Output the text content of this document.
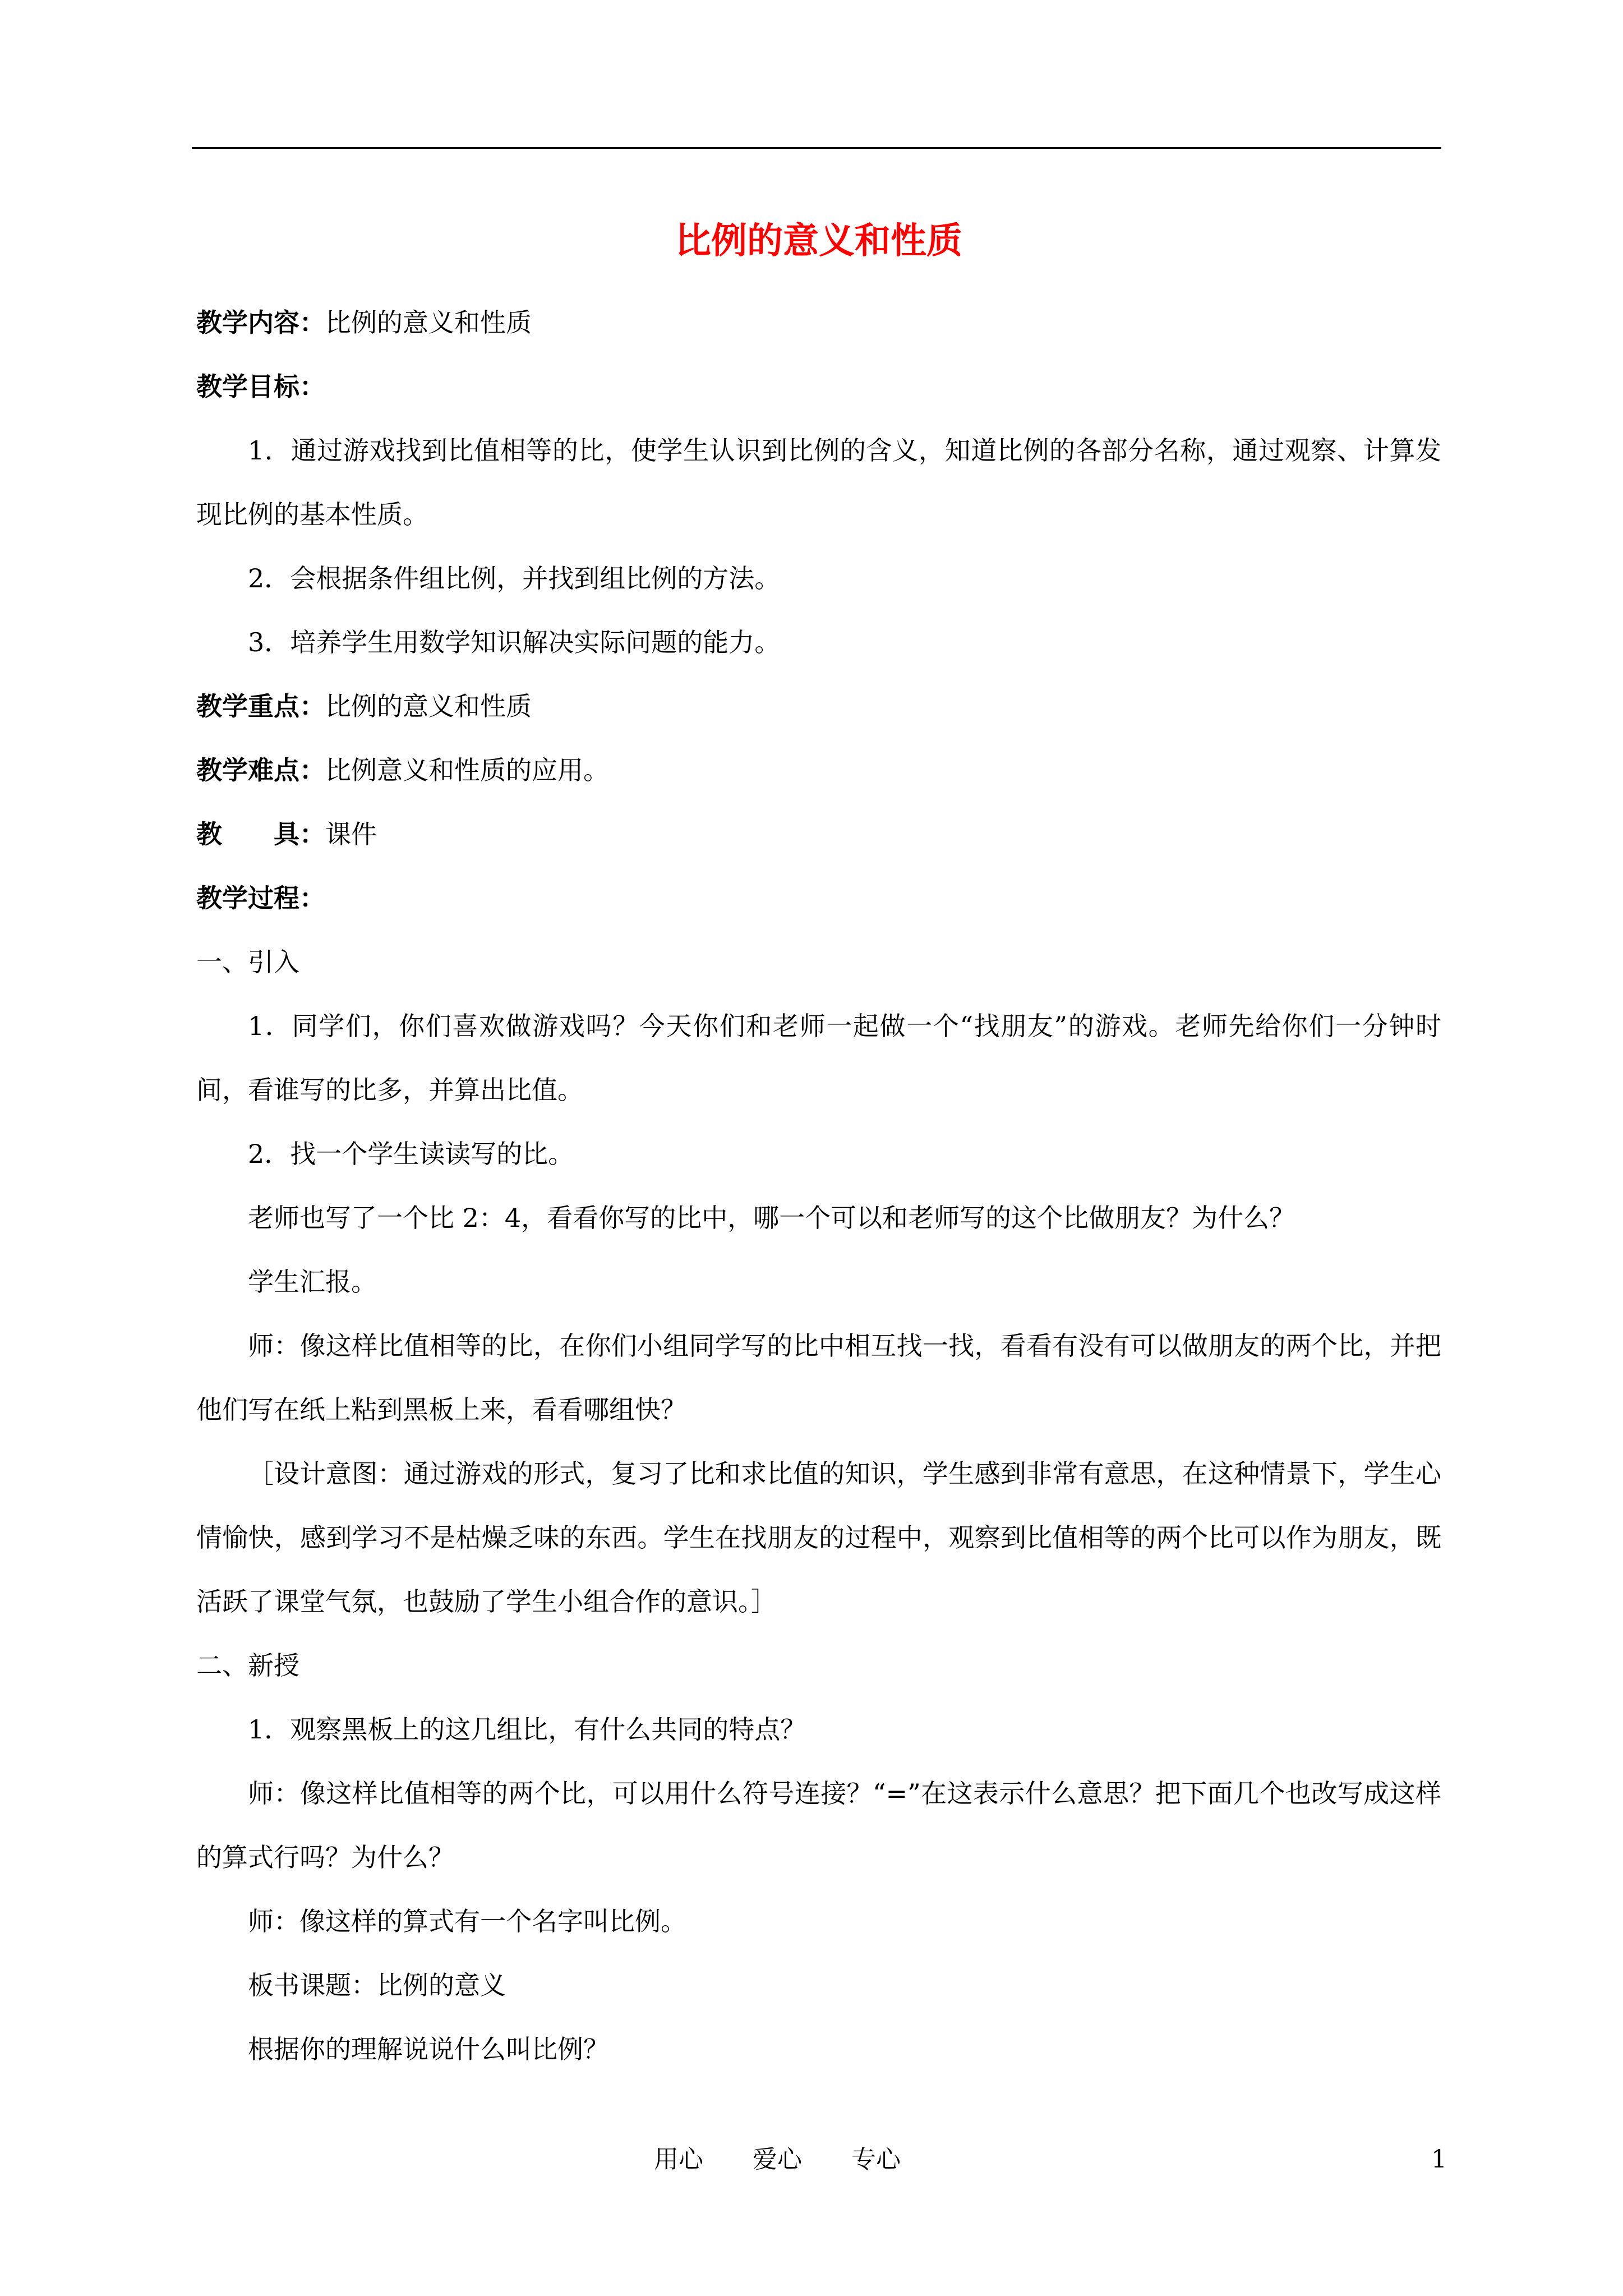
比例的意义和性质

教学内容：比例的意义和性质

教学目标：

1．通过游戏找到比值相等的比，使学生认识到比例的含义，知道比例的各部分名称，通过观察、计算发现比例的基本性质。

2．会根据条件组比例，并找到组比例的方法。

3．培养学生用数学知识解决实际问题的能力。

教学重点：比例的意义和性质

教学难点：比例意义和性质的应用。

教　　具：课件

教学过程：

一、引入

1．同学们，你们喜欢做游戏吗？今天你们和老师一起做一个“找朋友”的游戏。老师先给你们一分钟时间，看谁写的比多，并算出比值。

2．找一个学生读读写的比。

老师也写了一个比 2：4，看看你写的比中，哪一个可以和老师写的这个比做朋友？为什么？

学生汇报。

师：像这样比值相等的比，在你们小组同学写的比中相互找一找，看看有没有可以做朋友的两个比，并把他们写在纸上粘到黑板上来，看看哪组快？

［设计意图：通过游戏的形式，复习了比和求比值的知识，学生感到非常有意思，在这种情景下，学生心情愉快，感到学习不是枯燥乏味的东西。学生在找朋友的过程中，观察到比值相等的两个比可以作为朋友，既活跃了课堂气氛，也鼓励了学生小组合作的意识。］

二、新授

1．观察黑板上的这几组比，有什么共同的特点？

师：像这样比值相等的两个比，可以用什么符号连接？“=”在这表示什么意思？把下面几个也改写成这样的算式行吗？为什么？

师：像这样的算式有一个名字叫比例。

板书课题：比例的意义

根据你的理解说说什么叫比例？

用心　　爱心　　专心	1
